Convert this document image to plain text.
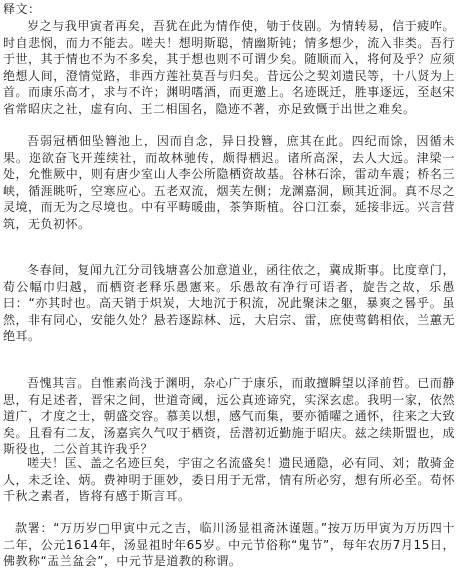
释文：

岁之与我甲寅者再矣，吾犹在此为情作使，劬于伎剧。为情转易，信于疲咋。时自悲悯，而力不能去。嗟夫！想明斯聪，情幽斯钝；情多想少，流入非类。吾行于世，其于情也不为不多矣，其于想也则不可谓少矣。随顺而入，将何及乎？应须绝想人间，澄情觉路，非西方莲社莫吾与归矣。昔远公之契刘遗民等，十八贤为上首。而康乐高才，求与不许；渊明嗜酒，而更邀上。名迹既迁，胜事逐远，至赵宋省常昭庆之社，虚有向、王二相国名，隐迹不著，亦足致慨于出世之难矣。

吾弱冠栖佃坠簪池上，因而自念，异日投簪，庶其在此。四纪而馀，因循未果。迩欲奋飞开莲续社，而故林驰传，颇得栖迟。诸所高深，去人大远。津梁一处，允惟厥中，则有唐少室山人李公所隐栖资故基。谷林石涂，雷动车震；桥名三峡，循涯眺听，空寒应心。五老双流，烟芙左侧；龙渊嘉洞，顾其近洞。真不尽之灵境，而无为之尽境也。中有平畴暖曲，茶笋斯植。谷口江泰，延接非远。兴言营筑，无负初怀。

冬春间，复闻九江分司钱塘喜公加意道业，函往依之，冀成斯事。比度章门，荀公幅巾归越，而栖资老释乐愚憲来。乐愚故有净行可语者，旋告之故，乐愚曰：“亦其时也。高天销于炽炭，大地沉于积流，况此聚沫之躯，暴爽之晷乎。虽然，非有同心，安能久处？悬若逐踪林、远，大启宗、雷，庶使莺鹤相依，兰蕙无绝耳。

吾愧其言。自惟素尚浅于渊明，杂心广于康乐，而敢擅瞬望以泽前哲。已而静思，有足述者，晋宋之间，世道奇阈，远公真迹谛究，实深玄虑。我明一家，依然道广，才度之士，朝盛交容。慕美以想，感气而集，要亦循嚁之通怀，往来之大致矣。且看有二友，汤嘉宾久气叹于栖资，岳潜初近勤施于昭庆。兹之续斯盟也，成斯役也，二公首其许我乎？

嗟夫！匡、盖之名迹巨矣，宇宙之名流盛矣！遗民通隐，必有同、刘；散骑金人，未乏诠、炳。费神明于匪妙，委日用于无常，情有所必穷，想有所必至。苟怀千秋之素者，皆将有感于斯言耳。

款署：“万历岁□甲寅中元之吉，临川汤显祖斋沐谨题。”按万历甲寅为万历四十二年，公元1614年，汤显祖时年65岁。中元节俗称“鬼节”，每年农历7月15日，佛教称“盂兰盆会”，中元节是道教的称谓。
